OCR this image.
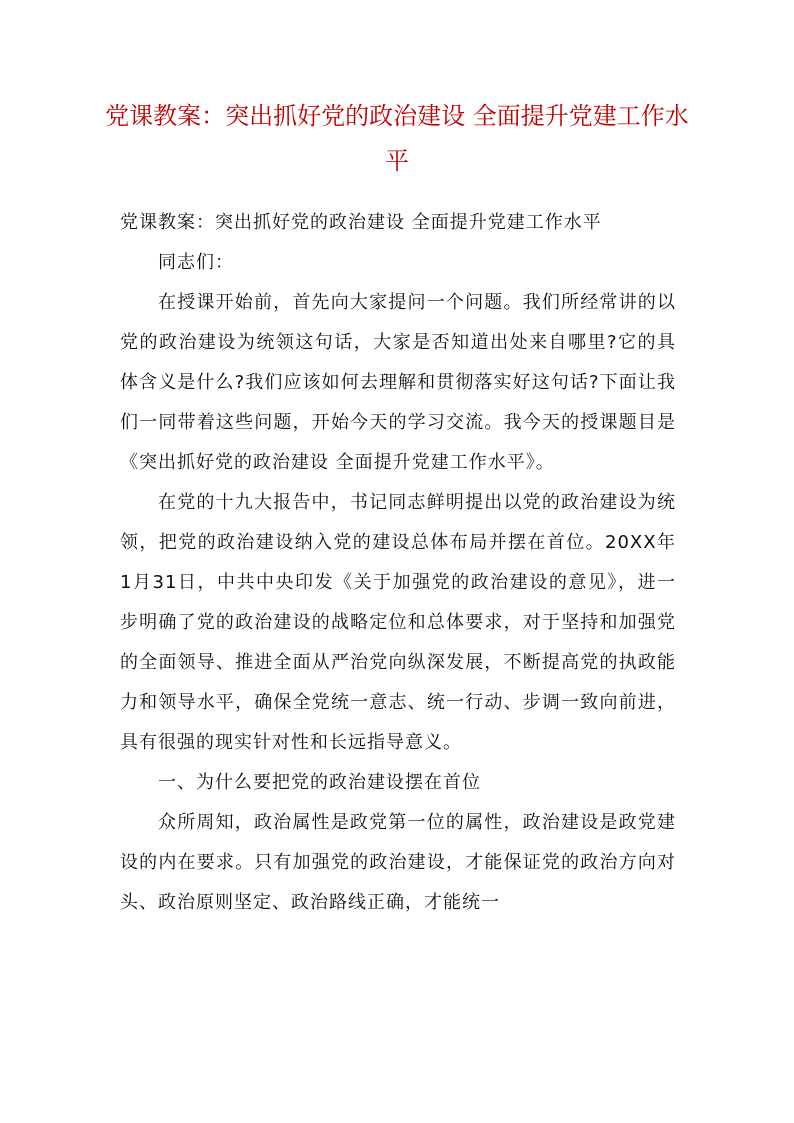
党课教案：突出抓好党的政治建设 全面提升党建工作水平

党课教案：突出抓好党的政治建设 全面提升党建工作水平

同志们：

在授课开始前，首先向大家提问一个问题。我们所经常讲的以党的政治建设为统领这句话，大家是否知道出处来自哪里?它的具体含义是什么?我们应该如何去理解和贯彻落实好这句话?下面让我们一同带着这些问题，开始今天的学习交流。我今天的授课题目是《突出抓好党的政治建设 全面提升党建工作水平》。

在党的十九大报告中，书记同志鲜明提出以党的政治建设为统领，把党的政治建设纳入党的建设总体布局并摆在首位。20XX年1月31日，中共中央印发《关于加强党的政治建设的意见》，进一步明确了党的政治建设的战略定位和总体要求，对于坚持和加强党的全面领导、推进全面从严治党向纵深发展，不断提高党的执政能力和领导水平，确保全党统一意志、统一行动、步调一致向前进，具有很强的现实针对性和长远指导意义。

一、为什么要把党的政治建设摆在首位

众所周知，政治属性是政党第一位的属性，政治建设是政党建设的内在要求。只有加强党的政治建设，才能保证党的政治方向对头、政治原则坚定、政治路线正确，才能统一
